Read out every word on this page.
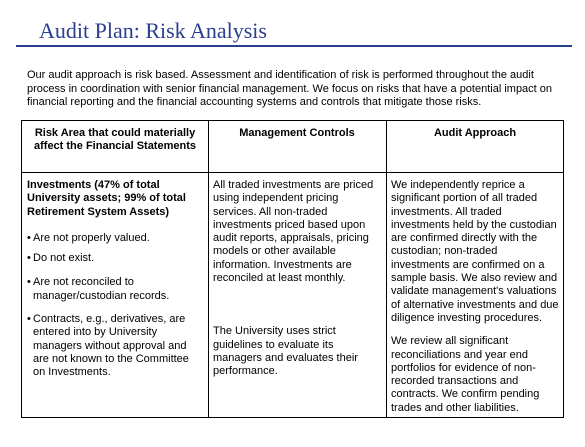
Audit Plan: Risk Analysis
Our audit approach is risk based. Assessment and identification of risk is performed throughout the audit process in coordination with senior financial management. We focus on risks that have a potential impact on financial reporting and the financial accounting systems and controls that mitigate those risks.
Risk Area that could materially affect the Financial Statements
Management Controls	Audit Approach
Investments (47% of total University assets; 99% of total Retirement System Assets)
• Are not properly valued.
• Do not exist.
• Are not reconciled to manager/custodian records.
• Contracts, e.g., derivatives, are entered into by University managers without approval and are not known to the Committee on Investments.

All traded investments are priced using independent pricing services. All non-traded investments priced based upon audit reports, appraisals, pricing models or other available information. Investments are reconciled at least monthly.

The University uses strict guidelines to evaluate its managers and evaluates their performance.

We independently reprice a significant portion of all traded investments. All traded investments held by the custodian are confirmed directly with the custodian; non-traded investments are confirmed on a sample basis. We also review and validate management's valuations of alternative investments and due diligence investing procedures.

We review all significant reconciliations and year end portfolios for evidence of non-recorded transactions and contracts. We confirm pending trades and other liabilities.
